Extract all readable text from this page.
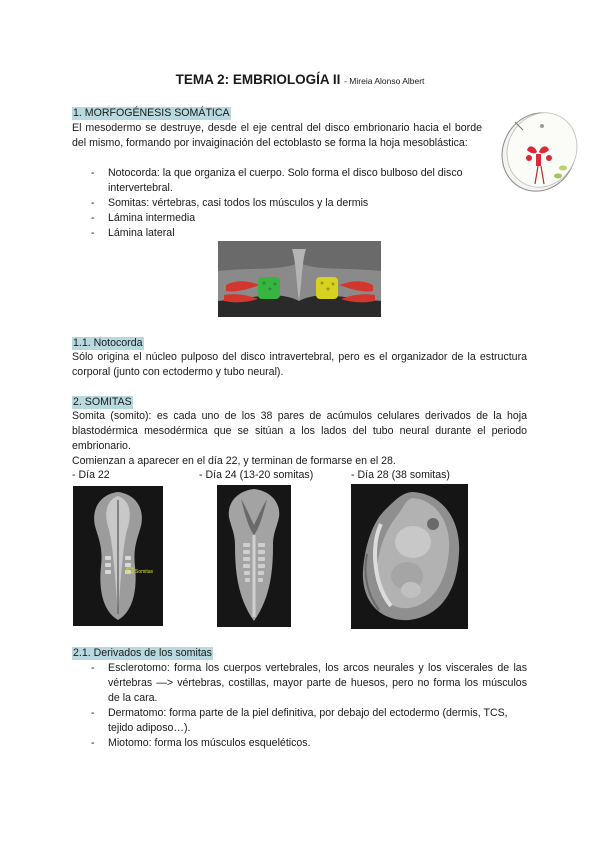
TEMA 2: EMBRIOLOGÍA II - Mireia Alonso Albert
1. MORFOGÉNESIS SOMÁTICA
El mesodermo se destruye, desde el eje central del disco embrionario hacia el borde del mismo, formando por invaiginación del ectoblasto se forma la hoja mesoblástica:
- Notocorda: la que organiza el cuerpo. Solo forma el disco bulboso del disco intervertebral.
- Somitas: vértebras, casi todos los músculos y la dermis
- Lámina intermedia
- Lámina lateral
1.1. Notocorda
Sólo origina el núcleo pulposo del disco intravertebral, pero es el organizador de la estructura corporal (junto con ectodermo y tubo neural).
2. SOMITAS
Somita (somito): es cada uno de los 38 pares de acúmulos celulares derivados de la hoja blastodérmica mesodérmica que se sitúan a los lados del tubo neural durante el periodo embrionario.
Comienzan a aparecer en el día 22, y terminan de formarse en el 28.
- Día 22	- Día 24 (13-20 somitas)	- Día 28 (38 somitas)
Somitas
2.1. Derivados de los somitas
- Esclerotomo: forma los cuerpos vertebrales, los arcos neurales y los viscerales de las vértebras —> vértebras, costillas, mayor parte de huesos, pero no forma los músculos de la cara.
- Dermatomo: forma parte de la piel definitiva, por debajo del ectodermo (dermis, TCS, tejido adiposo…).
- Miotomo: forma los músculos esqueléticos.
